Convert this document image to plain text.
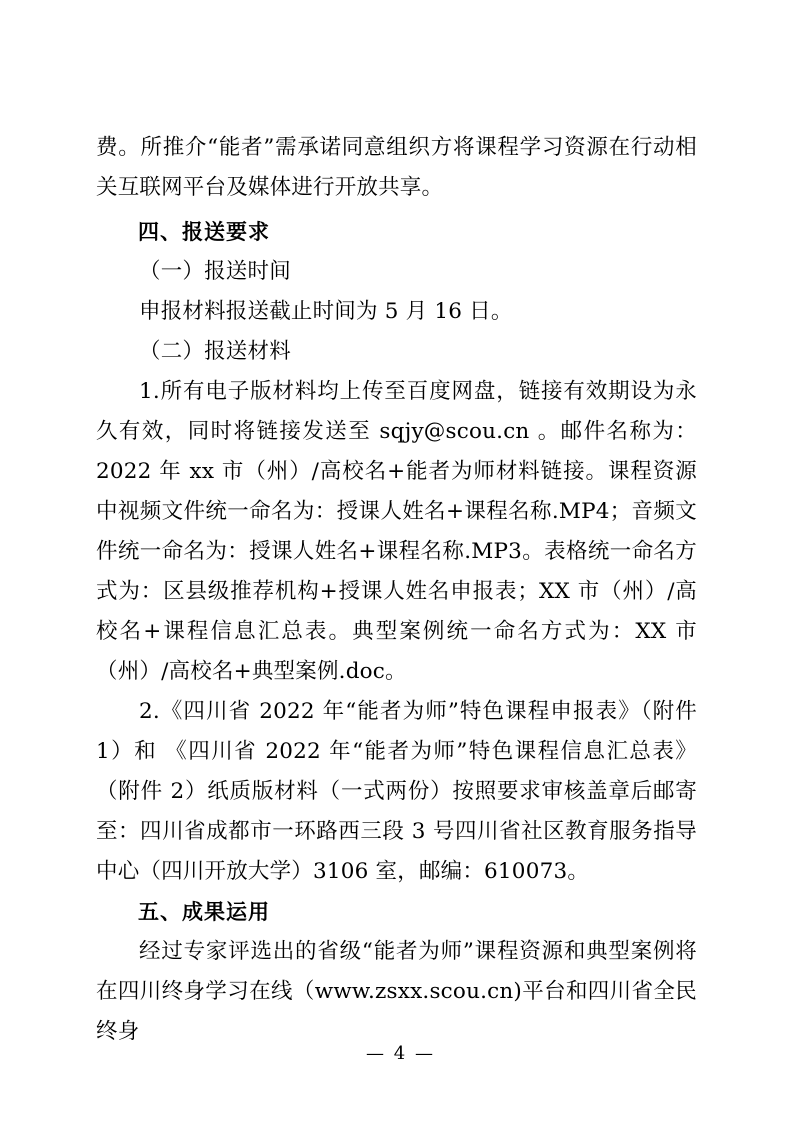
费。所推介“能者”需承诺同意组织方将课程学习资源在行动相关互联网平台及媒体进行开放共享。

四、报送要求

（一）报送时间

申报材料报送截止时间为 5 月 16 日。

（二）报送材料

1.所有电子版材料均上传至百度网盘，链接有效期设为永久有效，同时将链接发送至 sqjy@scou.cn 。邮件名称为：2022 年 xx 市（州）/高校名+能者为师材料链接。课程资源中视频文件统一命名为：授课人姓名+课程名称.MP4；音频文件统一命名为：授课人姓名+课程名称.MP3。表格统一命名方式为：区县级推荐机构+授课人姓名申报表；XX 市（州）/高校名+课程信息汇总表。典型案例统一命名方式为：XX 市（州）/高校名+典型案例.doc。

2.《四川省 2022 年“能者为师”特色课程申报表》（附件 1）和 《四川省 2022 年“能者为师”特色课程信息汇总表》（附件 2）纸质版材料（一式两份）按照要求审核盖章后邮寄至：四川省成都市一环路西三段 3 号四川省社区教育服务指导中心（四川开放大学）3106 室，邮编：610073。

五、成果运用

经过专家评选出的省级“能者为师”课程资源和典型案例将在四川终身学习在线（www.zsxx.scou.cn)平台和四川省全民终身

— 4 —
